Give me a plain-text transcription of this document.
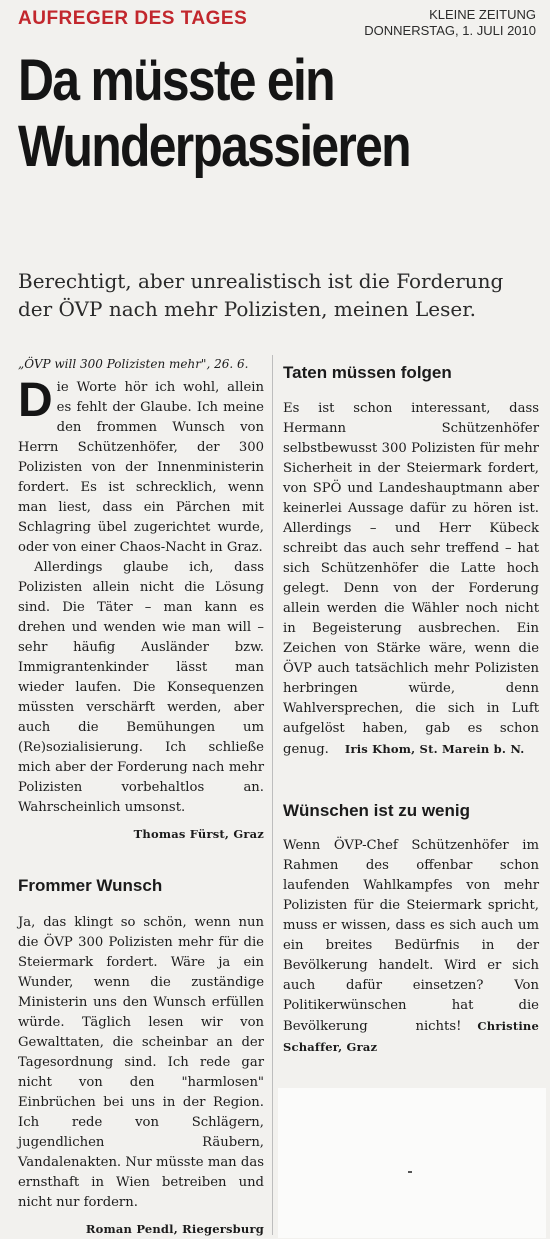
AUFREGER DES TAGES	KLEINE ZEITUNG
DONNERSTAG, 1. JULI 2010
Da müsste ein
Wunderpassieren
Berechtigt, aber unrealistisch ist die Forderung der ÖVP nach mehr Polizisten, meinen Leser.
„ÖVP will 300 Polizisten mehr", 26. 6.

Die Worte hör ich wohl, allein es fehlt der Glaube. Ich meine den frommen Wunsch von Herrn Schützenhöfer, der 300 Polizisten von der Innenministerin fordert. Es ist schrecklich, wenn man liest, dass ein Pärchen mit Schlagring übel zugerichtet wurde, oder von einer Chaos-Nacht in Graz.

Allerdings glaube ich, dass Polizisten allein nicht die Lösung sind. Die Täter – man kann es drehen und wenden wie man will – sehr häufig Ausländer bzw. Immigrantenkinder lässt man wieder laufen. Die Konsequenzen müssten verschärft werden, aber auch die Bemühungen um (Re)sozialisierung. Ich schließe mich aber der Forderung nach mehr Polizisten vorbehaltlos an. Wahrscheinlich umsonst.

Thomas Fürst, Graz
Frommer Wunsch

Ja, das klingt so schön, wenn nun die ÖVP 300 Polizisten mehr für die Steiermark fordert. Wäre ja ein Wunder, wenn die zuständige Ministerin uns den Wunsch erfüllen würde. Täglich lesen wir von Gewalttaten, die scheinbar an der Tagesordnung sind. Ich rede gar nicht von den "harmlosen" Einbrüchen bei uns in der Region. Ich rede von Schlägern, jugendlichen Räubern, Vandalenakten. Nur müsste man das ernsthaft in Wien betreiben und nicht nur fordern.

Roman Pendl, Riegersburg
Taten müssen folgen

Es ist schon interessant, dass Hermann Schützenhöfer selbstbewusst 300 Polizisten für mehr Sicherheit in der Steiermark fordert, von SPÖ und Landeshauptmann aber keinerlei Aussage dafür zu hören ist. Allerdings – und Herr Kübeck schreibt das auch sehr treffend – hat sich Schützenhöfer die Latte hoch gelegt. Denn von der Forderung allein werden die Wähler noch nicht in Begeisterung ausbrechen. Ein Zeichen von Stärke wäre, wenn die ÖVP auch tatsächlich mehr Polizisten herbringen würde, denn Wahlversprechen, die sich in Luft aufgelöst haben, gab es schon genug. Iris Khom, St. Marein b. N.

Wünschen ist zu wenig

Wenn ÖVP-Chef Schützenhöfer im Rahmen des offenbar schon laufenden Wahlkampfes von mehr Polizisten für die Steiermark spricht, muss er wissen, dass es sich auch um ein breites Bedürfnis in der Bevölkerung handelt. Wird er sich auch dafür einsetzen? Von Politikerwünschen hat die Bevölkerung nichts! Christine Schaffer, Graz
